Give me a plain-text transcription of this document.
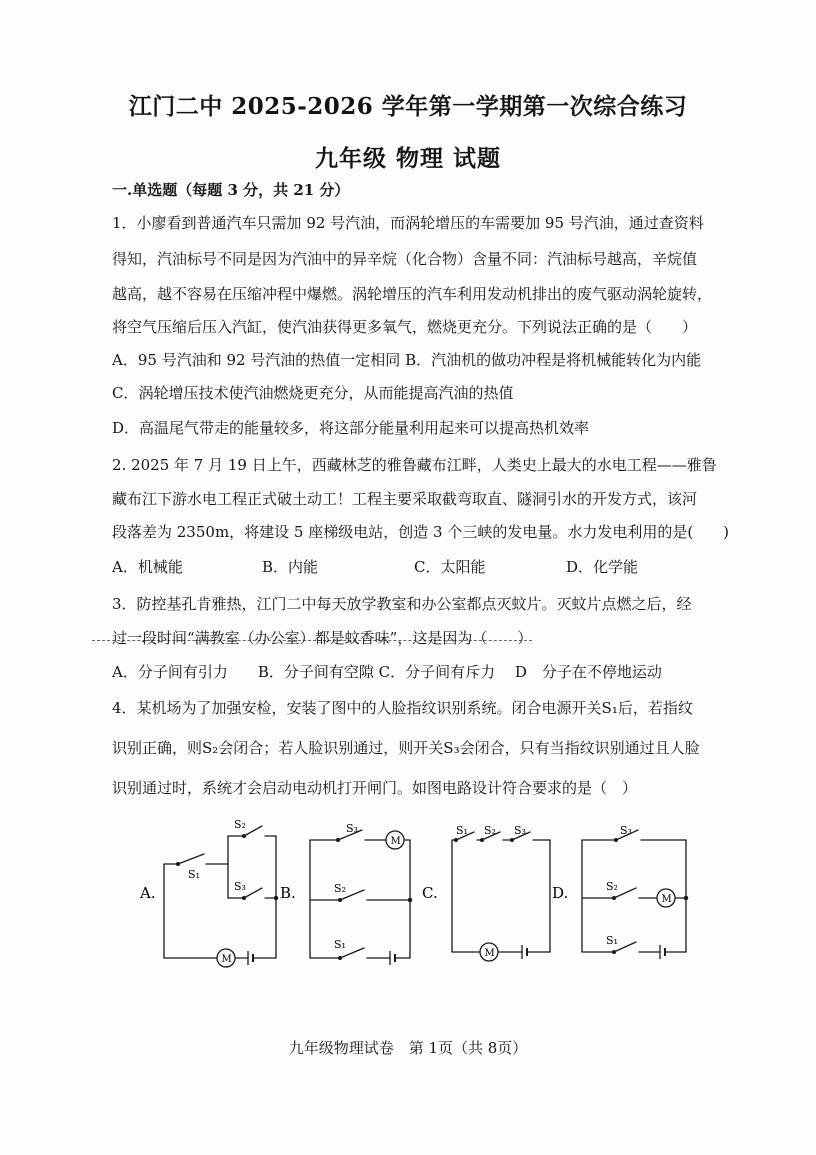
江门二中 2025-2026 学年第一学期第一次综合练习
九年级 物理 试题
一.单选题（每题 3 分，共 21 分）
1．小廖看到普通汽车只需加 92 号汽油，而涡轮增压的车需要加 95 号汽油，通过查资料
得知，汽油标号不同是因为汽油中的异辛烷（化合物）含量不同：汽油标号越高，辛烷值
越高，越不容易在压缩冲程中爆燃。涡轮增压的汽车利用发动机排出的废气驱动涡轮旋转，
将空气压缩后压入汽缸，使汽油获得更多氧气，燃烧更充分。下列说法正确的是（　　）
A．95 号汽油和 92 号汽油的热值一定相同 B．汽油机的做功冲程是将机械能转化为内能
C．涡轮增压技术使汽油燃烧更充分，从而能提高汽油的热值
D．高温尾气带走的能量较多，将这部分能量利用起来可以提高热机效率
2. 2025 年 7 月 19 日上午，西藏林芝的雅鲁藏布江畔，人类史上最大的水电工程——雅鲁
藏布江下游水电工程正式破土动工！工程主要采取截弯取直、隧洞引水的开发方式，该河
段落差为 2350m，将建设 5 座梯级电站，创造 3 个三峡的发电量。水力发电利用的是(　　)
A．机械能	B．内能	C．太阳能	D．化学能
3．防控基孔肯雅热，江门二中每天放学教室和办公室都点灭蚊片。灭蚊片点燃之后，经
过一段时间“满教室（办公室）都是蚊香味”，这是因为（　　）
A．分子间有引力　　B．分子间有空隙 C．分子间有斥力　 D　分子在不停地运动
4．某机场为了加强安检，安装了图中的人脸指纹识别系统。闭合电源开关S₁后，若指纹
识别正确，则S₂会闭合；若人脸识别通过，则开关S₃会闭合，只有当指纹识别通过且人脸
识别通过时，系统才会启动电动机打开闸门。如图电路设计符合要求的是（　）
A.
S₁
S₂
S₃
M
B.
S₃
S₂
S₁
M
C.
S₁ S₂ S₃
M
D.
S₃
S₂
S₁
M
九年级物理试卷　第 1页（共 8页）
